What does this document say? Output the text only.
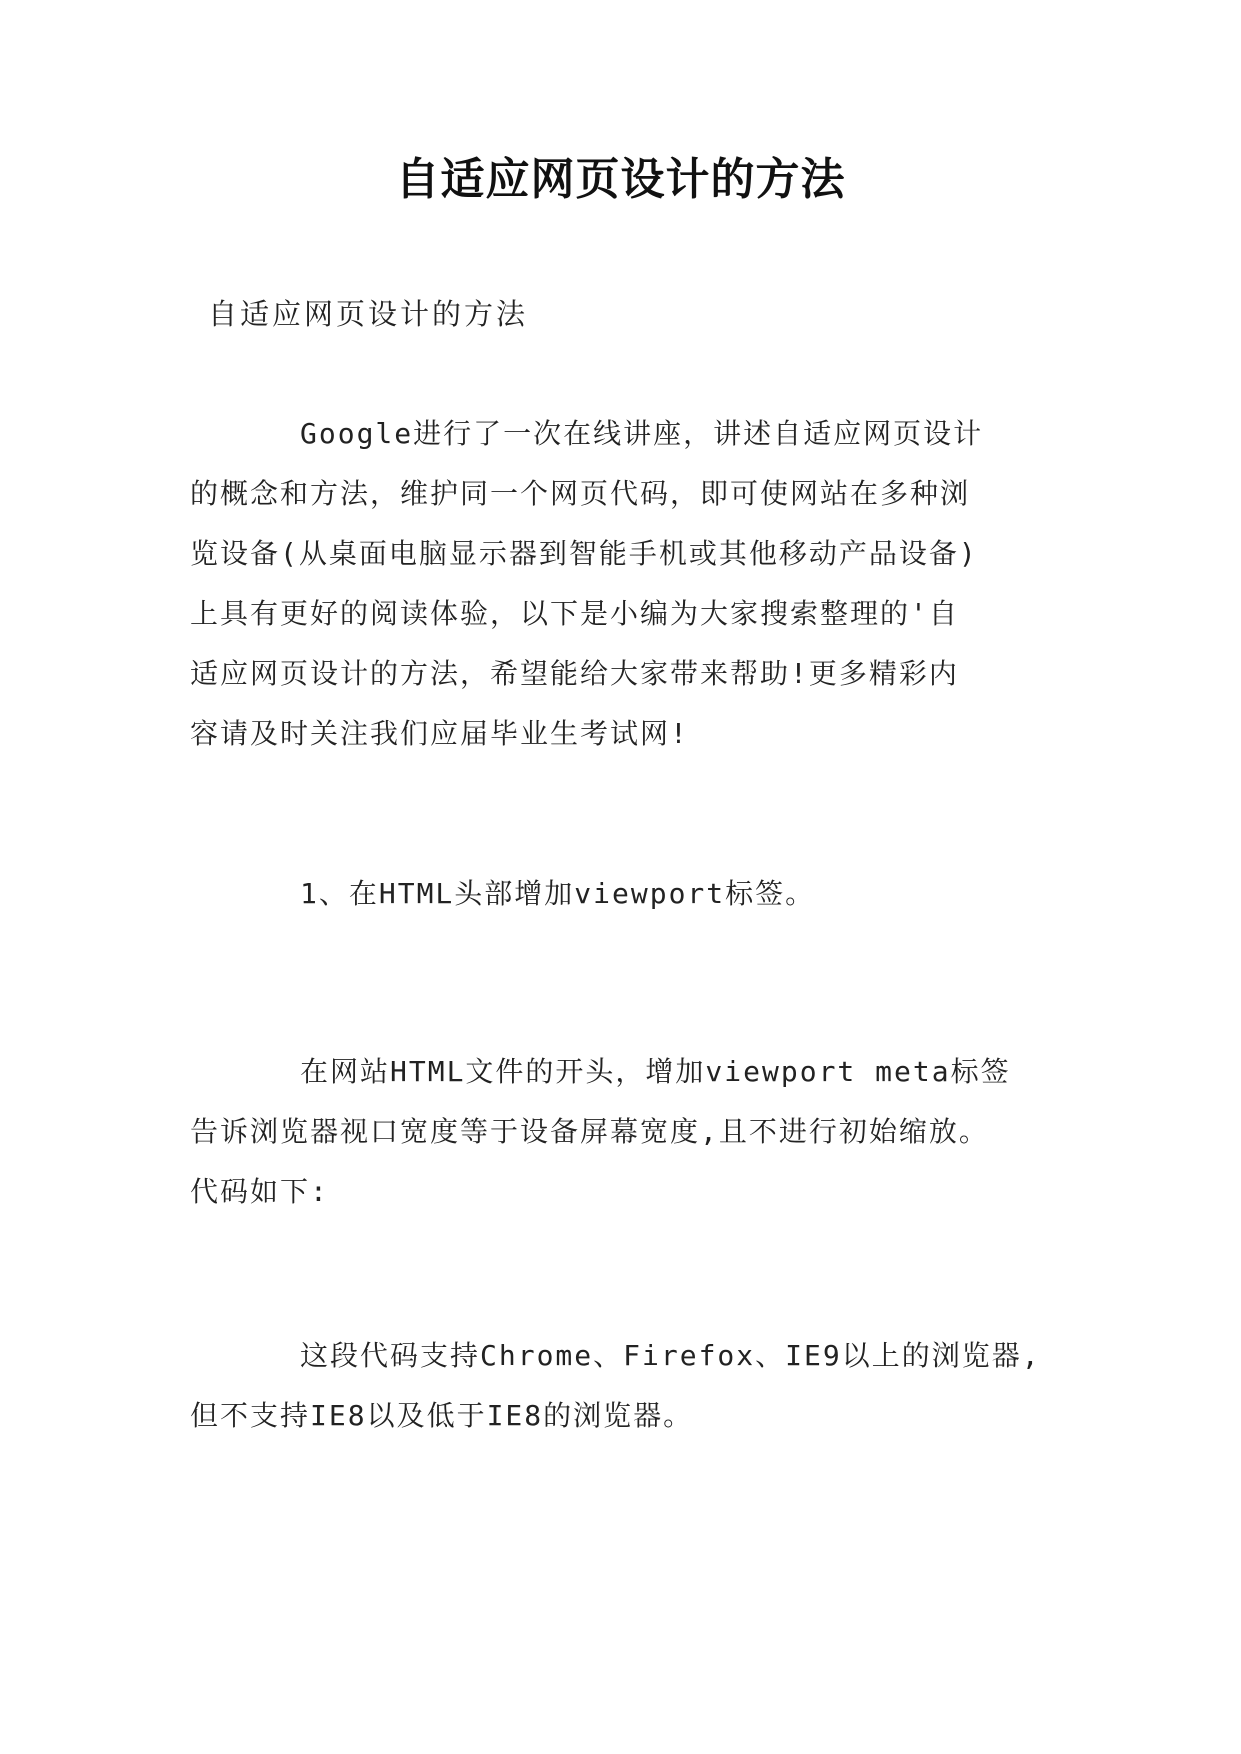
自适应网页设计的方法
自适应网页设计的方法
Google进行了一次在线讲座，讲述自适应网页设计
的概念和方法，维护同一个网页代码，即可使网站在多种浏
览设备(从桌面电脑显示器到智能手机或其他移动产品设备)
上具有更好的阅读体验，以下是小编为大家搜索整理的'自
适应网页设计的方法，希望能给大家带来帮助!更多精彩内
容请及时关注我们应届毕业生考试网!
1、在HTML头部增加viewport标签。
在网站HTML文件的开头，增加viewport meta标签
告诉浏览器视口宽度等于设备屏幕宽度,且不进行初始缩放。
代码如下:
这段代码支持Chrome、Firefox、IE9以上的浏览器,
但不支持IE8以及低于IE8的浏览器。
